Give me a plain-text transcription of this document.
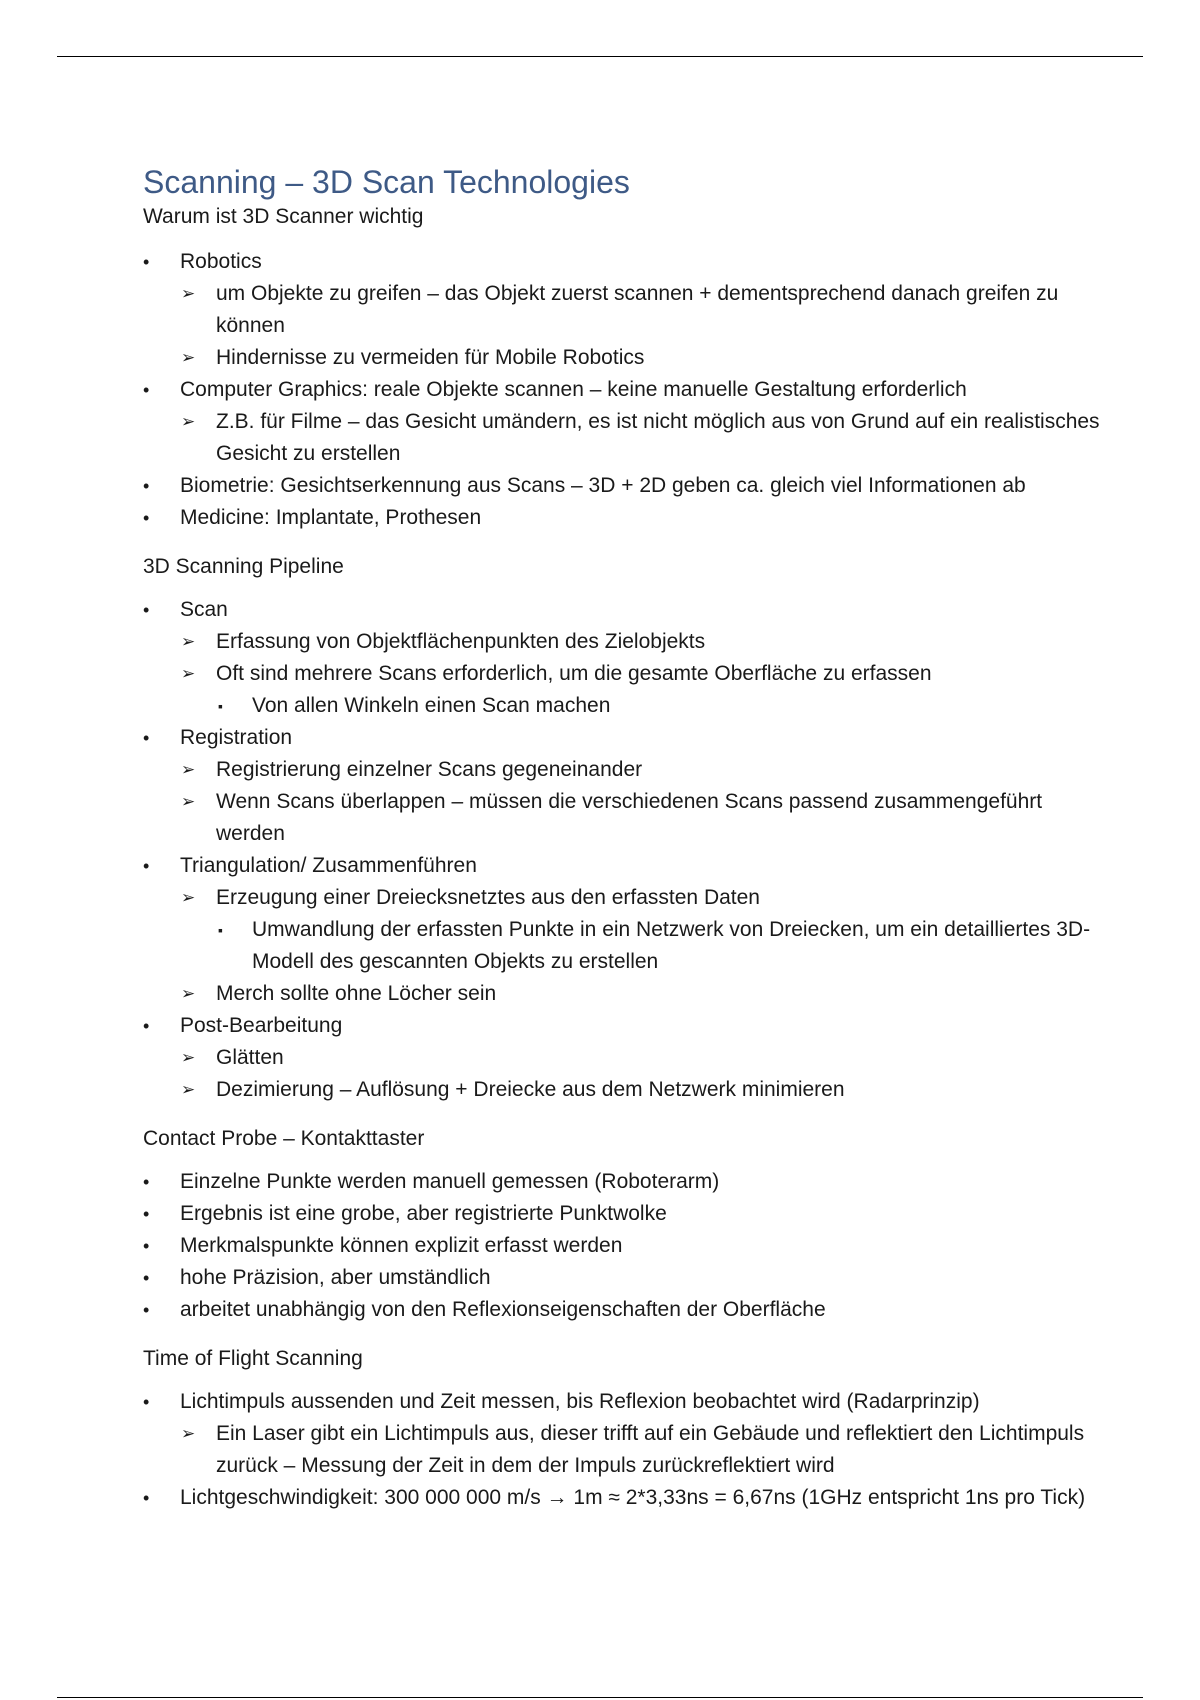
Scanning – 3D Scan Technologies
Warum ist 3D Scanner wichtig
• Robotics
➢ um Objekte zu greifen – das Objekt zuerst scannen + dementsprechend danach greifen zu können
➢ Hindernisse zu vermeiden für Mobile Robotics
• Computer Graphics: reale Objekte scannen – keine manuelle Gestaltung erforderlich
➢ Z.B. für Filme – das Gesicht umändern, es ist nicht möglich aus von Grund auf ein realistisches Gesicht zu erstellen
• Biometrie: Gesichtserkennung aus Scans – 3D + 2D geben ca. gleich viel Informationen ab
• Medicine: Implantate, Prothesen
3D Scanning Pipeline
• Scan
➢ Erfassung von Objektflächenpunkten des Zielobjekts
➢ Oft sind mehrere Scans erforderlich, um die gesamte Oberfläche zu erfassen
▪ Von allen Winkeln einen Scan machen
• Registration
➢ Registrierung einzelner Scans gegeneinander
➢ Wenn Scans überlappen – müssen die verschiedenen Scans passend zusammengeführt werden
• Triangulation/ Zusammenführen
➢ Erzeugung einer Dreiecksnetztes aus den erfassten Daten
▪ Umwandlung der erfassten Punkte in ein Netzwerk von Dreiecken, um ein detailliertes 3D-Modell des gescannten Objekts zu erstellen
➢ Merch sollte ohne Löcher sein
• Post-Bearbeitung
➢ Glätten
➢ Dezimierung – Auflösung + Dreiecke aus dem Netzwerk minimieren
Contact Probe – Kontakttaster
• Einzelne Punkte werden manuell gemessen (Roboterarm)
• Ergebnis ist eine grobe, aber registrierte Punktwolke
• Merkmalspunkte können explizit erfasst werden
• hohe Präzision, aber umständlich
• arbeitet unabhängig von den Reflexionseigenschaften der Oberfläche
Time of Flight Scanning
• Lichtimpuls aussenden und Zeit messen, bis Reflexion beobachtet wird (Radarprinzip)
➢ Ein Laser gibt ein Lichtimpuls aus, dieser trifft auf ein Gebäude und reflektiert den Lichtimpuls zurück – Messung der Zeit in dem der Impuls zurückreflektiert wird
• Lichtgeschwindigkeit: 300 000 000 m/s → 1m ≈ 2*3,33ns = 6,67ns (1GHz entspricht 1ns pro Tick)
